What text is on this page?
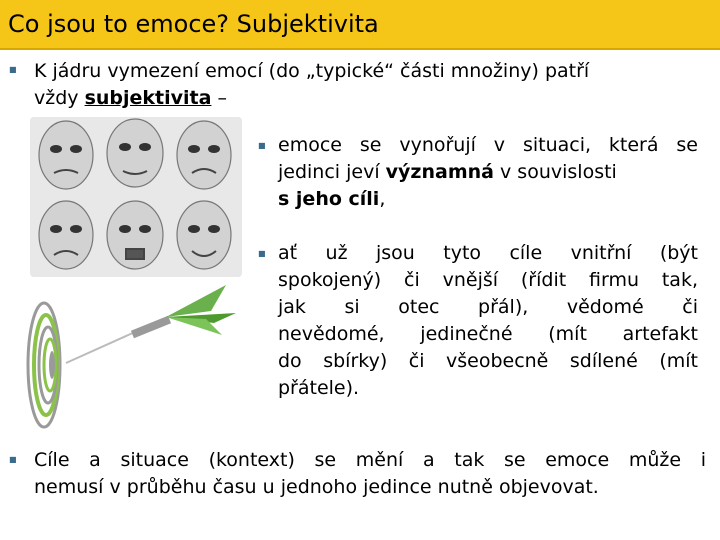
Co jsou to emoce? Subjektivita
■ K jádru vymezení emocí (do „typické“ části množiny) patří
vždy subjektivita –
■ emoce se vynořují v situaci, která se
jedinci jeví významná v souvislosti
s jeho cíli,
■ ať už jsou tyto cíle vnitřní (být
spokojený) či vnější (řídit firmu tak,
jak si otec přál), vědomé či
nevědomé, jedinečné (mít artefakt
do sbírky) či všeobecně sdílené (mít
přátele).
■ Cíle a situace (kontext) se mění a tak se emoce může i
nemusí v průběhu času u jednoho jedince nutně objevovat.
